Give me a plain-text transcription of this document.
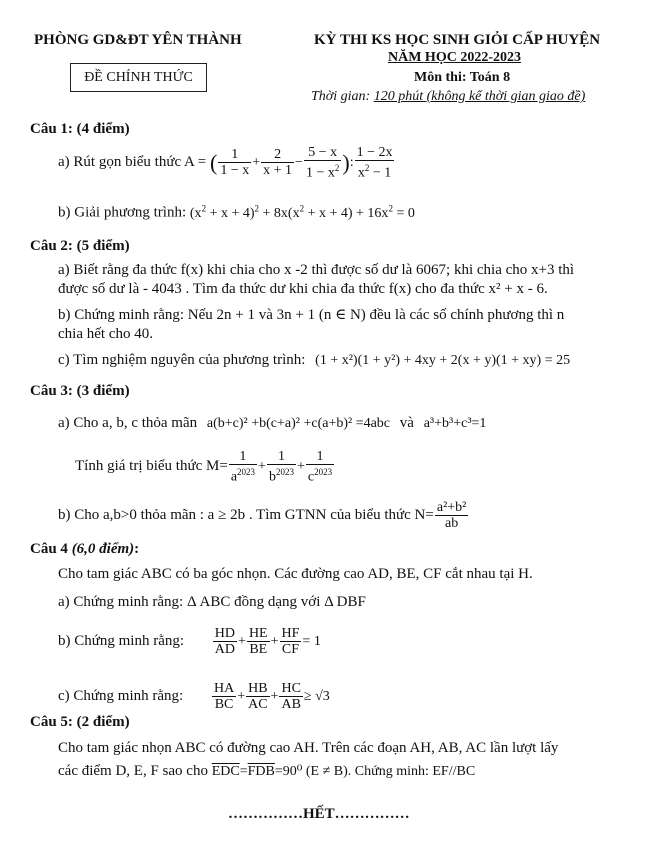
PHÒNG GD&ĐT YÊN THÀNH
ĐỀ CHÍNH THỨC
KỲ THI KS HỌC SINH GIỎI CẤP HUYỆN
NĂM HỌC 2022-2023
Môn thi: Toán 8
Thời gian: 120 phút (không kể thời gian giao đề)
Câu 1: (4 điểm)
a) Rút gọn biểu thức A = ( $\frac{1}{1 - x} + \frac{2}{x + 1} - \frac{5 - x}{1 - x^2}$ ): $\frac{1 - 2x}{x^2 - 1}$
b) Giải phương trình: $(x^2 + x + 4)^2 + 8x(x^2 + x + 4) + 16x^2 = 0$
Câu 2: (5 điểm)
a) Biết rằng đa thức f(x) khi chia cho x -2 thì được số dư là 6067; khi chia cho x+3 thì
được số dư là - 4043 . Tìm đa thức dư khi chia đa thức f(x) cho đa thức x² + x - 6.
b) Chứng minh rằng: Nếu 2n + 1 và 3n + 1 (n ∈ N) đều là các số chính phương thì n
chia hết cho 40.
c) Tìm nghiệm nguyên của phương trình: (1 + x²)(1 + y²) + 4xy + 2(x + y)(1 + xy) = 25
Câu 3: (3 điểm)
a) Cho a, b, c thỏa mãn a(b+c)² +b(c+a)² +c(a+b)² =4abc và a³+b³+c³=1
Tính giá trị biểu thức $M= \frac{1}{a^{2023}} + \frac{1}{b^{2023}} + \frac{1}{c^{2023}}$
b) Cho a,b>0 thỏa mãn : a ≥ 2b . Tìm GTNN của biểu thức $N= \frac{\text{a²+b²}}{ab}$
Câu 4 (6,0 điểm):
Cho tam giác ABC có ba góc nhọn. Các đường cao AD, BE, CF cắt nhau tại H.
a) Chứng minh rằng: Δ ABC đồng dạng với Δ DBF
b) Chứng minh rằng: $\frac{HD}{AD} + \frac{HE}{BE} + \frac{HF}{CF} = 1$
c) Chứng minh rằng: $\frac{HA}{BC} + \frac{HB}{AC} + \frac{HC}{AB} \ge √3$
Câu 5: (2 điểm)
Cho tam giác nhọn ABC có đường cao AH. Trên các đoạn AH, AB, AC lần lượt lấy
các điểm D, E, F sao cho $\overline{EDC}=\overline{FDB}=90^0$ (E ≠ B). Chứng minh: EF//BC
……………HẾT……………
